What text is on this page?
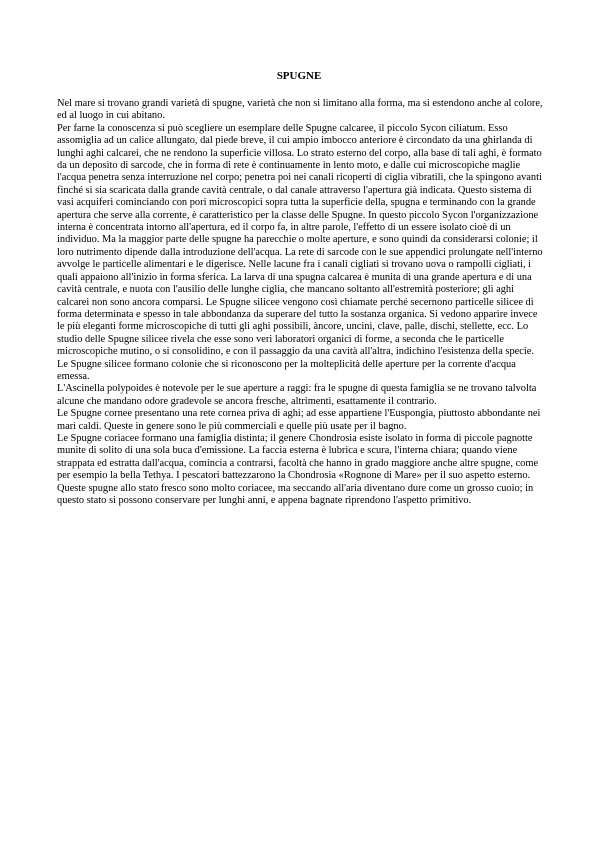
SPUGNE

Nel mare si trovano grandi varietà di spugne, varietà che non si limitano alla forma, ma si estendono anche al colore, ed al luogo in cui abitano.

Per farne la conoscenza si può scegliere un esemplare delle Spugne calcaree, il piccolo Sycon ciliatum. Esso assomiglia ad un calice allungato, dal piede breve, il cui ampio imbocco anteriore è circondato da una ghirlanda di lunghi aghi calcarei, che ne rendono la superficie villosa. Lo strato esterno del corpo, alla base di tali aghi, è formato da un deposito di sarcode, che in forma di rete è continuamente in lento moto, e dalle cui microscopiche maglie l'acqua penetra senza interruzione nel corpo; penetra poi nei canali ricoperti di ciglia vibratili, che la spingono avanti finché si sia scaricata dalla grande cavità centrale, o dal canale attraverso l'apertura già indicata. Questo sistema di vasi acquiferi cominciando con pori microscopici sopra tutta la superficie della, spugna e terminando con la grande apertura che serve alla corrente, è caratteristico per la classe delle Spugne. In questo piccolo Sycon l'organizzazione interna è concentrata intorno all'apertura, ed il corpo fa, in altre parole, l'effetto di un essere isolato cioè di un individuo. Ma la maggior parte delle spugne ha parecchie o molte aperture, e sono quindi da considerarsi colonie; il loro nutrimento dipende dalla introduzione dell'acqua. La rete di sarcode con le sue appendici prolungate nell'interno avvolge le particelle alimentari e le digerisce. Nelle lacune fra i canali cigliati si trovano uova o rampolli cigliati, i quali appaiono all'inizio in forma sferica. La larva di una spugna calcarea è munita di una grande apertura e di una cavità centrale, e nuota con l'ausilio delle lunghe ciglia, che mancano soltanto all'estremità posteriore; gli aghi calcarei non sono ancora comparsi. Le Spugne silicee vengono così chiamate perché secernono particelle silicee di forma determinata e spesso in tale abbondanza da superare del tutto la sostanza organica. Si vedono apparire invece le più eleganti forme microscopiche di tutti gli aghi possibili, àncore, uncini, clave, palle, dischi, stellette, ecc. Lo studio delle Spugne silicee rivela che esse sono veri laboratori organici di forme, a seconda che le particelle microscopiche mutino, o si consolidino, e con il passaggio da una cavità all'altra, indichino l'esistenza della specie. Le Spugne silicee formano colonie che si riconoscono per la molteplicità delle aperture per la corrente d'acqua emessa.

L'Ascinella polypoides è notevole per le sue aperture a raggi: fra le spugne di questa famiglia se ne trovano talvolta alcune che mandano odore gradevole se ancora fresche, altrimenti, esattamente il contrario.

Le Spugne cornee presentano una rete cornea priva di aghi; ad esse appartiene l'Euspongia, piuttosto abbondante nei mari caldi. Queste in genere sono le più commerciali e quelle più usate per il bagno.

Le Spugne coriacee formano una famiglia distinta; il genere Chondrosia esiste isolato in forma di piccole pagnotte munite di solito di una sola buca d'emissione. La faccia esterna è lubrica e scura, l'interna chiara; quando viene strappata ed estratta dall'acqua, comincia a contrarsi, facoltà che hanno in grado maggiore anche altre spugne, come per esempio la bella Tethya. I pescatori battezzarono la Chondrosia «Rognone di Mare» per il suo aspetto esterno. Queste spugne allo stato fresco sono molto coriacee, ma seccando all'aria diventano dure come un grosso cuoio; in questo stato si possono conservare per lunghi anni, e appena bagnate riprendono l'aspetto primitivo.
